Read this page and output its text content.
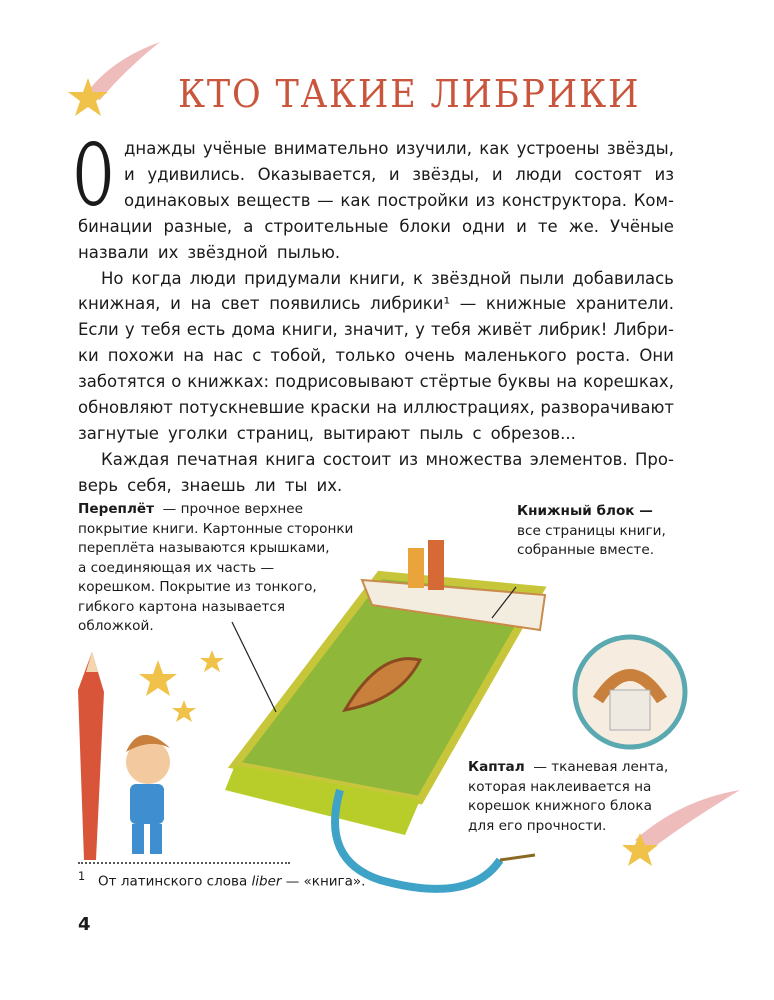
КТО ТАКИЕ ЛИБРИКИ
О днажды учёные внимательно изучили, как устроены звёзды,
и удивились. Оказывается, и звёзды, и люди состоят из
одинаковых веществ — как постройки из конструктора. Ком-
бинации разные, а строительные блоки одни и те же. Учёные
назвали их звёздной пылью.
Но когда люди придумали книги, к звёздной пыли добавилась
книжная, и на свет появились либрики¹ — книжные хранители.
Если у тебя есть дома книги, значит, у тебя живёт либрик! Либри-
ки похожи на нас с тобой, только очень маленького роста. Они
заботятся о книжках: подрисовывают стёртые буквы на корешках,
обновляют потускневшие краски на иллюстрациях, разворачивают
загнутые уголки страниц, вытирают пыль с обрезов...
Каждая печатная книга состоит из множества элементов. Про-
верь себя, знаешь ли ты их.
Переплёт — прочное верхнее
покрытие книги. Картонные сторонки
переплёта называются крышками,
а соединяющая их часть —
корешком. Покрытие из тонкого,
гибкого картона называется
обложкой.
Книжный блок —
все страницы книги,
собранные вместе.
Каптал — тканевая лента,
которая наклеивается на
корешок книжного блока
для его прочности.
$^1$ От латинского слова liber — «книга».
4
